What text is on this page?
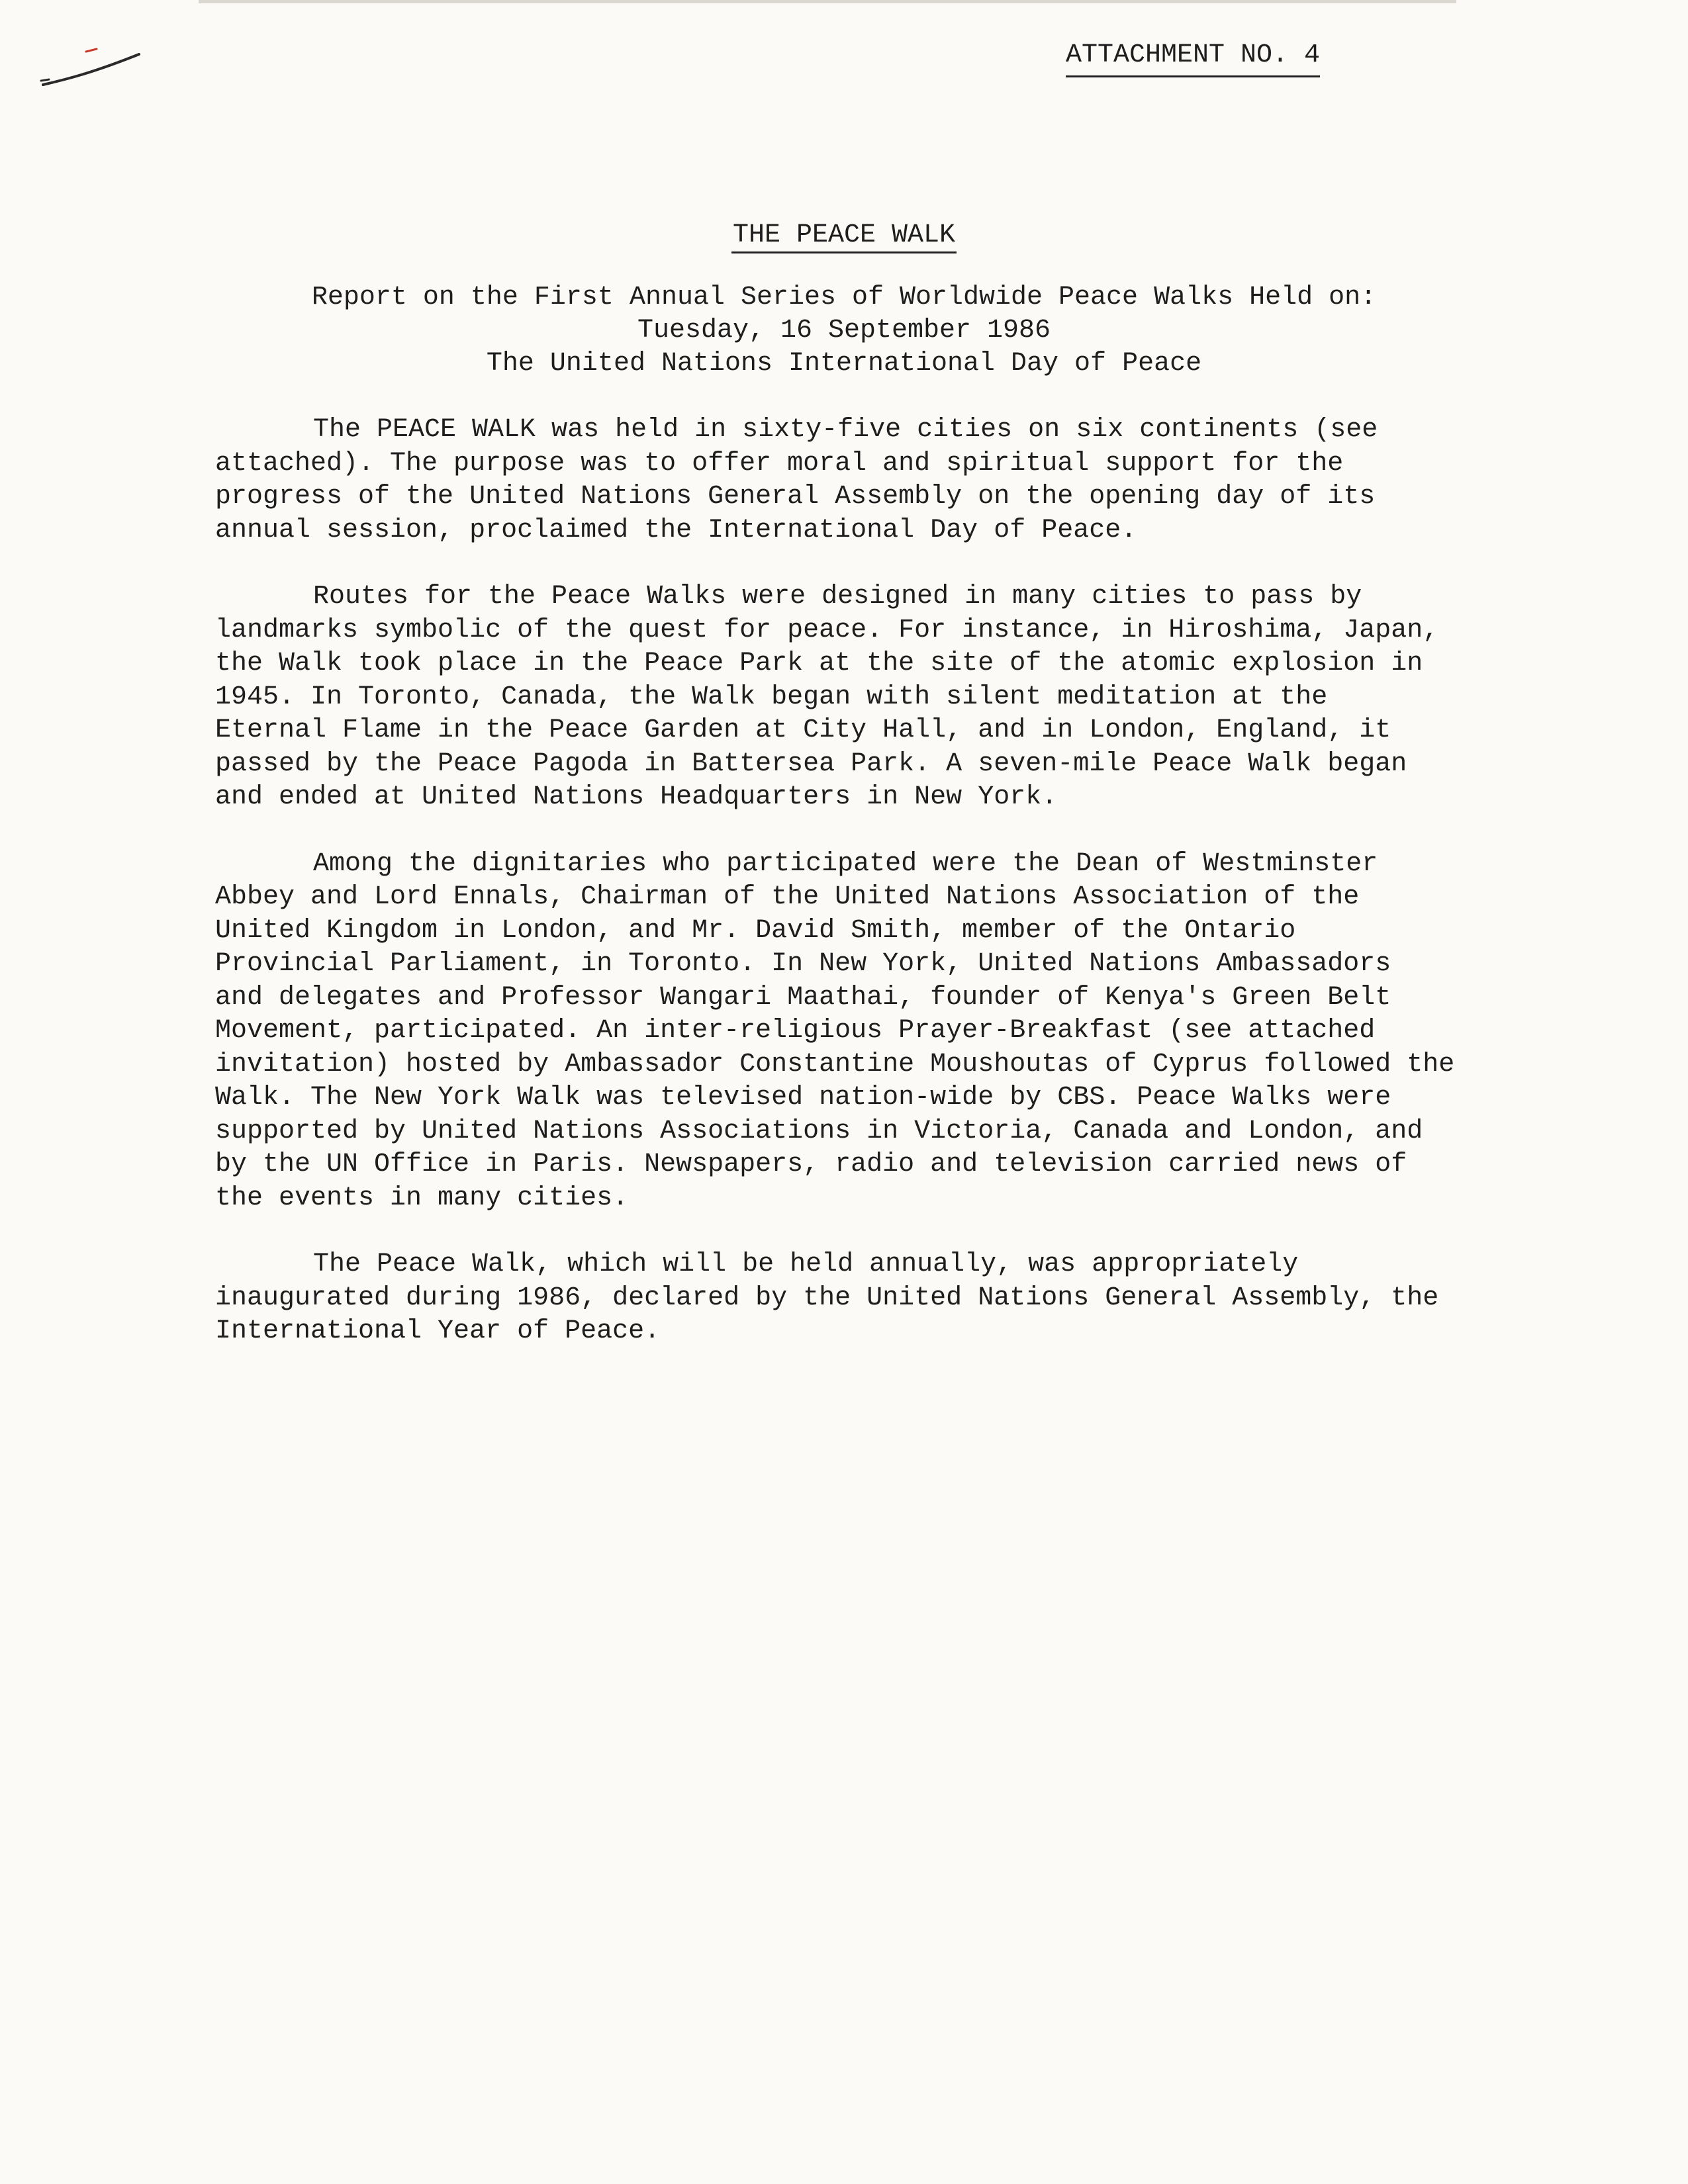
ATTACHMENT NO. 4
THE PEACE WALK
Report on the First Annual Series of Worldwide Peace Walks Held on:
Tuesday, 16 September 1986
The United Nations International Day of Peace
The PEACE WALK was held in sixty-five cities on six continents (see
attached). The purpose was to offer moral and spiritual support for the
progress of the United Nations General Assembly on the opening day of its
annual session, proclaimed the International Day of Peace.
Routes for the Peace Walks were designed in many cities to pass by
landmarks symbolic of the quest for peace. For instance, in Hiroshima, Japan,
the Walk took place in the Peace Park at the site of the atomic explosion in
1945. In Toronto, Canada, the Walk began with silent meditation at the
Eternal Flame in the Peace Garden at City Hall, and in London, England, it
passed by the Peace Pagoda in Battersea Park. A seven-mile Peace Walk began
and ended at United Nations Headquarters in New York.
Among the dignitaries who participated were the Dean of Westminster
Abbey and Lord Ennals, Chairman of the United Nations Association of the
United Kingdom in London, and Mr. David Smith, member of the Ontario
Provincial Parliament, in Toronto. In New York, United Nations Ambassadors
and delegates and Professor Wangari Maathai, founder of Kenya's Green Belt
Movement, participated. An inter-religious Prayer-Breakfast (see attached
invitation) hosted by Ambassador Constantine Moushoutas of Cyprus followed the
Walk. The New York Walk was televised nation-wide by CBS. Peace Walks were
supported by United Nations Associations in Victoria, Canada and London, and
by the UN Office in Paris. Newspapers, radio and television carried news of
the events in many cities.
The Peace Walk, which will be held annually, was appropriately
inaugurated during 1986, declared by the United Nations General Assembly, the
International Year of Peace.
